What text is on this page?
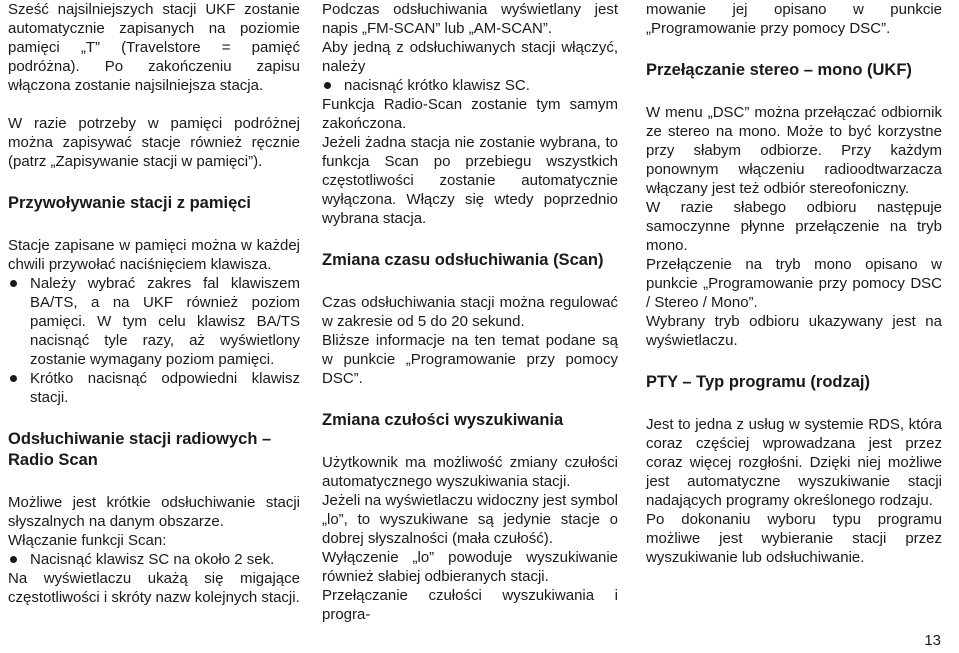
Sześć najsilniejszych stacji UKF zostanie automatycznie zapisanych na poziomie pamięci „T” (Travelstore = pamięć podróżna). Po zakończeniu zapisu włączona zostanie najsilniejsza stacja.

W razie potrzeby w pamięci podróżnej można zapisywać stacje również ręcznie (patrz „Zapisywanie stacji w pamięci”).

Przywoływanie stacji z pamięci

Stacje zapisane w pamięci można w każdej chwili przywołać naciśnięciem klawisza.

Należy wybrać zakres fal klawiszem BA/TS, a na UKF również poziom pamięci. W tym celu klawisz BA/TS nacisnąć tyle razy, aż wyświetlony zostanie wymagany poziom pamięci.
Krótko nacisnąć odpowiedni klawisz stacji.
Odsłuchiwanie stacji radiowych – Radio Scan

Możliwe jest krótkie odsłuchiwanie stacji słyszalnych na danym obszarze.

Włączanie funkcji Scan:

Nacisnąć klawisz SC na około 2 sek.

Na wyświetlaczu ukażą się migające częstotliwości i skróty nazw kolejnych stacji.

Podczas odsłuchiwania wyświetlany jest napis „FM-SCAN” lub „AM-SCAN”.

Aby jedną z odsłuchiwanych stacji włączyć, należy

nacisnąć krótko klawisz SC.

Funkcja Radio-Scan zostanie tym samym zakończona.

Jeżeli żadna stacja nie zostanie wybrana, to funkcja Scan po przebiegu wszystkich częstotliwości zostanie automatycznie wyłączona. Włączy się wtedy poprzednio wybrana stacja.

Zmiana czasu odsłuchiwania (Scan)

Czas odsłuchiwania stacji można regulować w zakresie od 5 do 20 sekund.

Bliższe informacje na ten temat podane są w punkcie „Programowanie przy pomocy DSC”.

Zmiana czułości wyszukiwania

Użytkownik ma możliwość zmiany czułości automatycznego wyszukiwania stacji.

Jeżeli na wyświetlaczu widoczny jest symbol „lo”, to wyszukiwane są jedynie stacje o dobrej słyszalności (mała czułość).

Wyłączenie „lo” powoduje wyszukiwanie również słabiej odbieranych stacji.

Przełączanie czułości wyszukiwania i progra-

mowanie jej opisano w punkcie „Programowanie przy pomocy DSC”.

Przełączanie stereo – mono (UKF)

W menu „DSC” można przełączać odbiornik ze stereo na mono. Może to być korzystne przy słabym odbiorze. Przy każdym ponownym włączeniu radioodtwarzacza włączany jest też odbiór stereofoniczny.

W razie słabego odbioru następuje samoczynne płynne przełączenie na tryb mono.

Przełączenie na tryb mono opisano w punkcie „Programowanie przy pomocy DSC / Stereo / Mono”.

Wybrany tryb odbioru ukazywany jest na wyświetlaczu.

PTY – Typ programu (rodzaj)

Jest to jedna z usług w systemie RDS, która coraz częściej wprowadzana jest przez coraz więcej rozgłośni. Dzięki niej możliwe jest automatyczne wyszukiwanie stacji nadających programy określonego rodzaju.

Po dokonaniu wyboru typu programu możliwe jest wybieranie stacji przez wyszukiwanie lub odsłuchiwanie.

13
